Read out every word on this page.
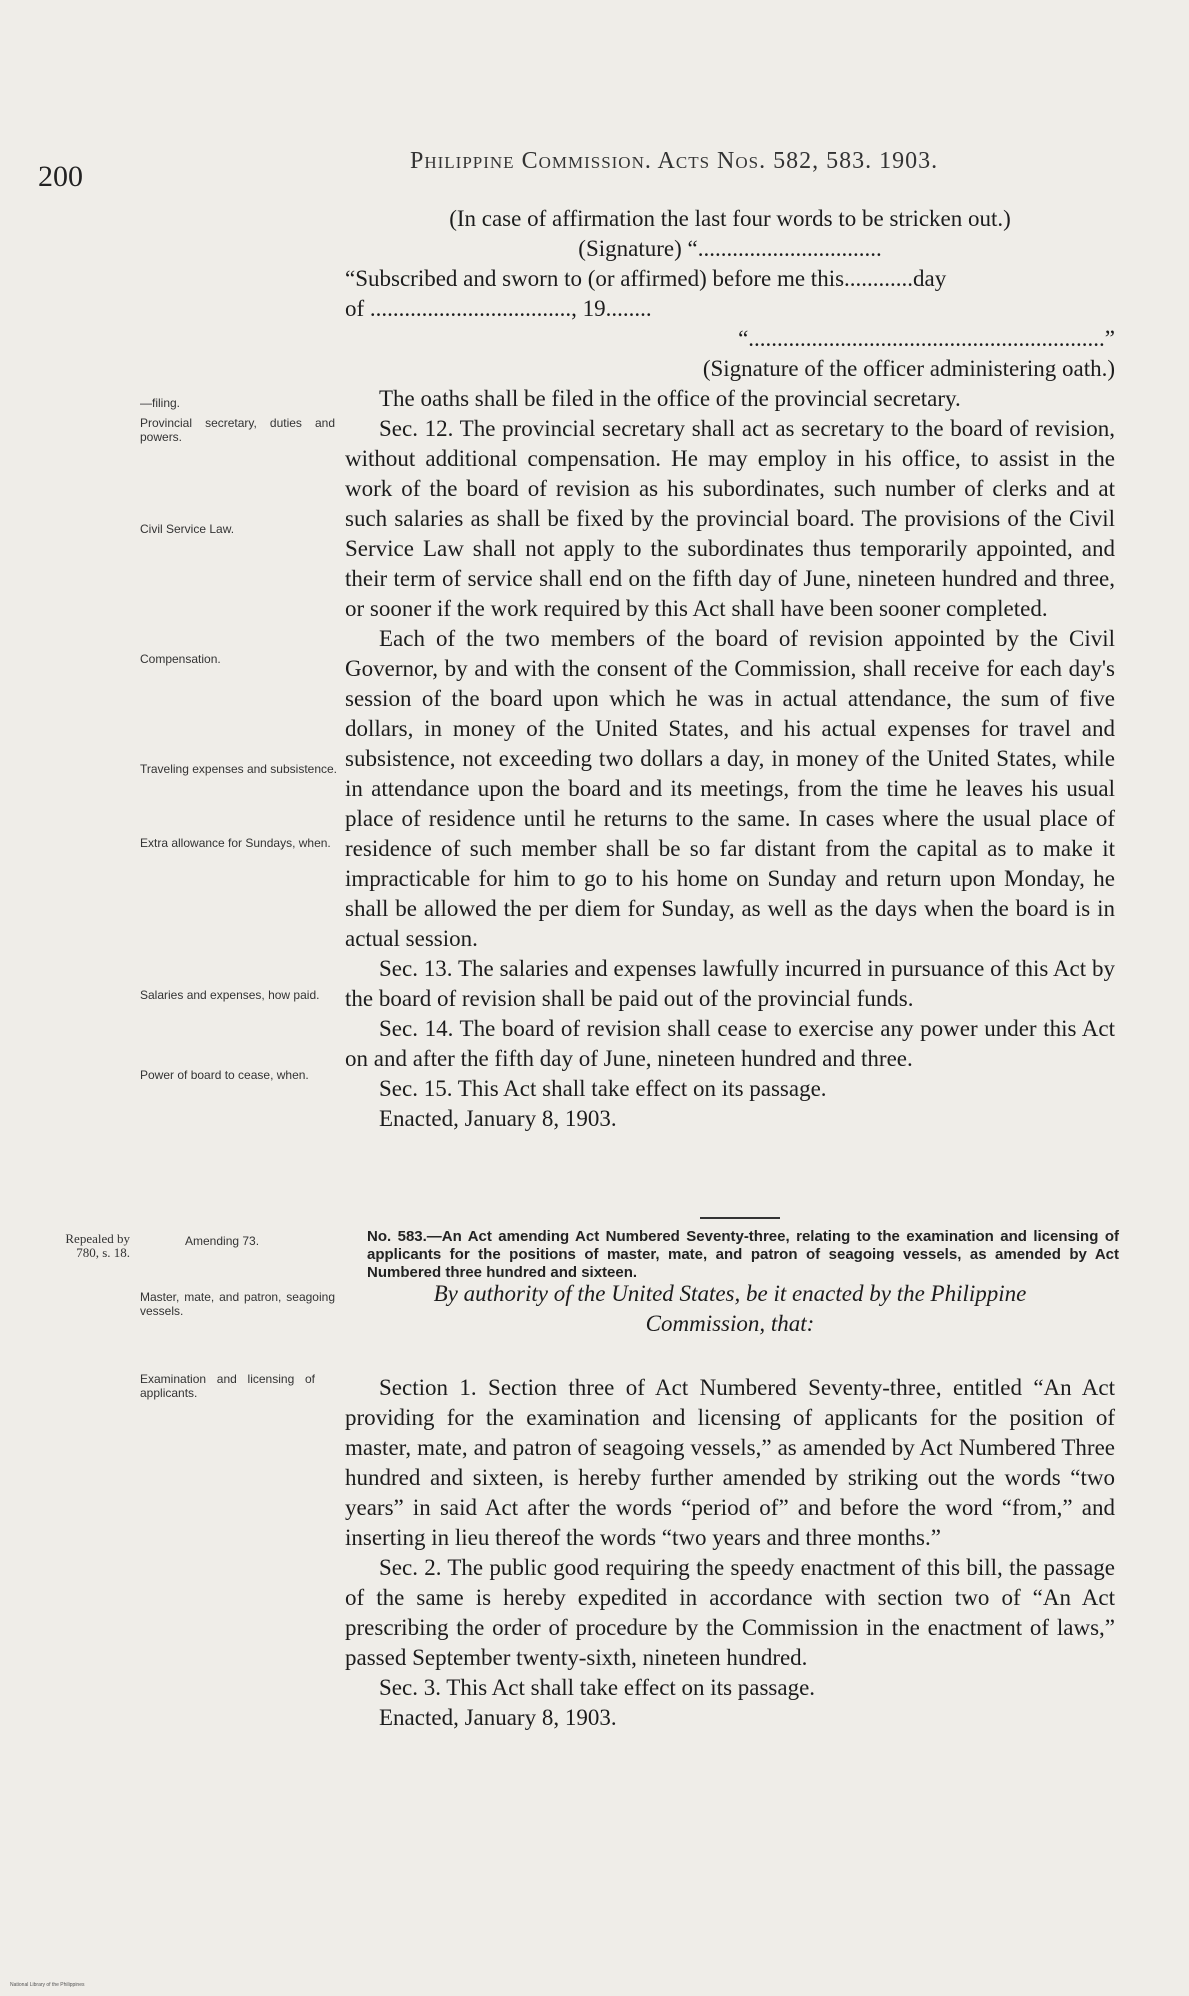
200	Philippine Commission. Acts Nos. 582, 583. 1903.
(In case of affirmation the last four words to be stricken out.)
(Signature) “................................
“Subscribed and sworn to (or affirmed) before me this............day
of ..................................., 19........
“..............................................................”
(Signature of the officer administering oath.)
—filing.
Provincial secretary, duties and powers.
Civil Service Law.
Compensation.
Traveling expenses and subsistence.
Extra allowance for Sundays, when.
Salaries and expenses, how paid.
Power of board to cease, when.
Repealed by 780, s. 18.
Amending 73.
Master, mate, and patron, seagoing vessels.
Examination and licensing of applicants.

The oaths shall be filed in the office of the provincial secretary.

Sec. 12. The provincial secretary shall act as secretary to the board of revision, without additional compensation. He may employ in his office, to assist in the work of the board of revision as his subordinates, such number of clerks and at such salaries as shall be fixed by the provincial board. The provisions of the Civil Service Law shall not apply to the subordinates thus temporarily appointed, and their term of service shall end on the fifth day of June, nineteen hundred and three, or sooner if the work required by this Act shall have been sooner completed.

Each of the two members of the board of revision appointed by the Civil Governor, by and with the consent of the Commission, shall receive for each day's session of the board upon which he was in actual attendance, the sum of five dollars, in money of the United States, and his actual expenses for travel and subsistence, not exceeding two dollars a day, in money of the United States, while in attendance upon the board and its meetings, from the time he leaves his usual place of residence until he returns to the same. In cases where the usual place of residence of such member shall be so far distant from the capital as to make it impracticable for him to go to his home on Sunday and return upon Monday, he shall be allowed the per diem for Sunday, as well as the days when the board is in actual session.

Sec. 13. The salaries and expenses lawfully incurred in pursuance of this Act by the board of revision shall be paid out of the provincial funds.

Sec. 14. The board of revision shall cease to exercise any power under this Act on and after the fifth day of June, nineteen hundred and three.

Sec. 15. This Act shall take effect on its passage.

Enacted, January 8, 1903.

No. 583.—An Act amending Act Numbered Seventy-three, relating to the examination and licensing of applicants for the positions of master, mate, and patron of seagoing vessels, as amended by Act Numbered three hundred and sixteen.
By authority of the United States, be it enacted by the Philippine
Commission, that:

Section 1. Section three of Act Numbered Seventy-three, entitled “An Act providing for the examination and licensing of applicants for the position of master, mate, and patron of seagoing vessels,” as amended by Act Numbered Three hundred and sixteen, is hereby further amended by striking out the words “two years” in said Act after the words “period of” and before the word “from,” and inserting in lieu thereof the words “two years and three months.”

Sec. 2. The public good requiring the speedy enactment of this bill, the passage of the same is hereby expedited in accordance with section two of “An Act prescribing the order of procedure by the Commission in the enactment of laws,” passed September twenty-sixth, nineteen hundred.

Sec. 3. This Act shall take effect on its passage.

Enacted, January 8, 1903.

National Library of the Philippines
